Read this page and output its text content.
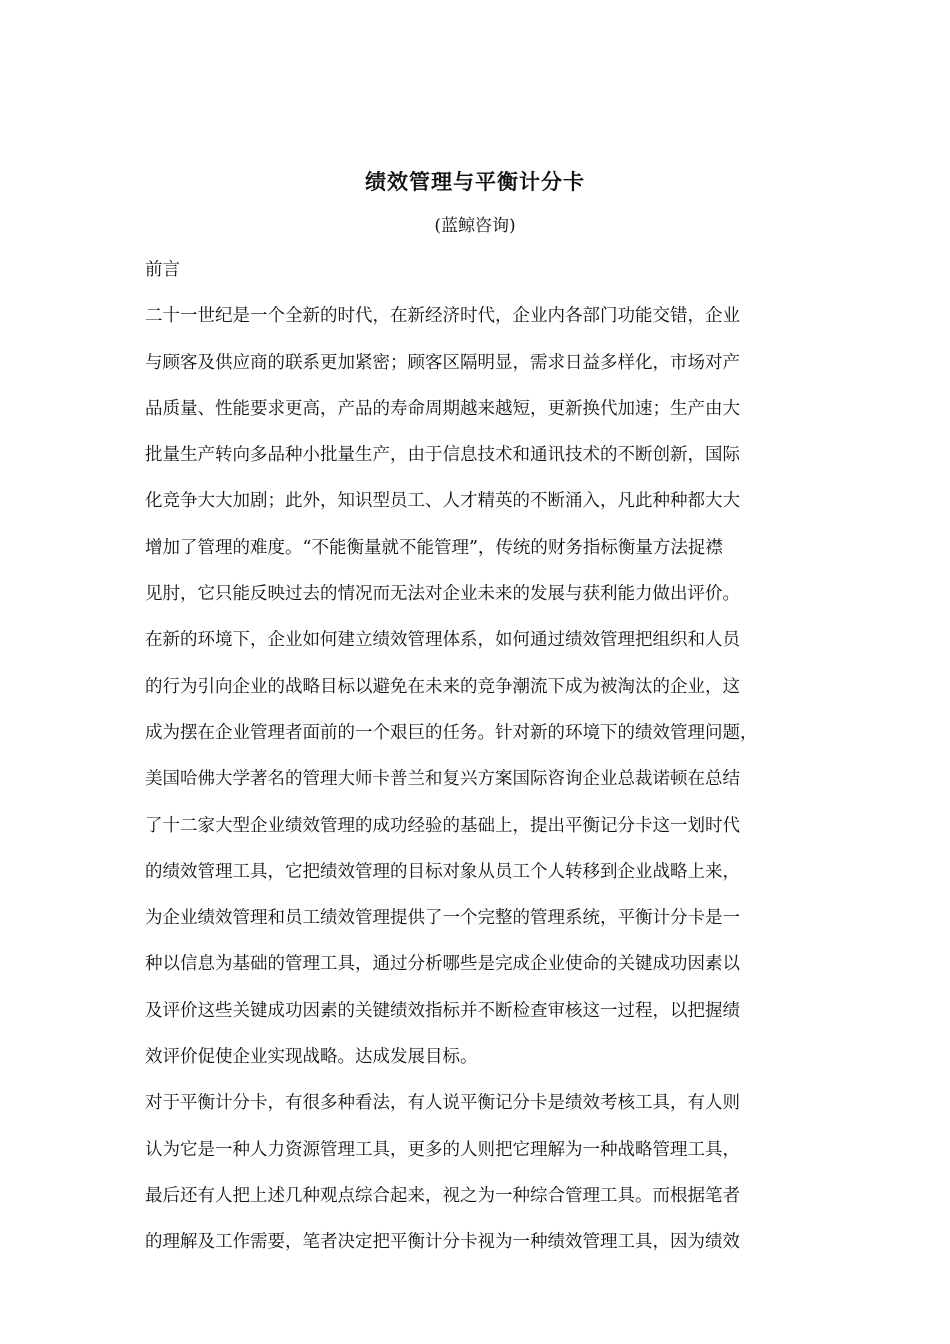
绩效管理与平衡计分卡
(蓝鲸咨询)
前言
二十一世纪是一个全新的时代，在新经济时代，企业内各部门功能交错，企业
与顾客及供应商的联系更加紧密；顾客区隔明显，需求日益多样化，市场对产
品质量、性能要求更高，产品的寿命周期越来越短，更新换代加速；生产由大
批量生产转向多品种小批量生产，由于信息技术和通讯技术的不断创新，国际
化竞争大大加剧；此外，知识型员工、人才精英的不断涌入，凡此种种都大大
增加了管理的难度。“不能衡量就不能管理”，传统的财务指标衡量方法捉襟
见肘，它只能反映过去的情况而无法对企业未来的发展与获利能力做出评价。
在新的环境下，企业如何建立绩效管理体系，如何通过绩效管理把组织和人员
的行为引向企业的战略目标以避免在未来的竞争潮流下成为被淘汰的企业，这
成为摆在企业管理者面前的一个艰巨的任务。针对新的环境下的绩效管理问题，
美国哈佛大学著名的管理大师卡普兰和复兴方案国际咨询企业总裁诺顿在总结
了十二家大型企业绩效管理的成功经验的基础上，提出平衡记分卡这一划时代
的绩效管理工具，它把绩效管理的目标对象从员工个人转移到企业战略上来，
为企业绩效管理和员工绩效管理提供了一个完整的管理系统，平衡计分卡是一
种以信息为基础的管理工具，通过分析哪些是完成企业使命的关键成功因素以
及评价这些关键成功因素的关键绩效指标并不断检查审核这一过程，以把握绩
效评价促使企业实现战略。达成发展目标。
对于平衡计分卡，有很多种看法，有人说平衡记分卡是绩效考核工具，有人则
认为它是一种人力资源管理工具，更多的人则把它理解为一种战略管理工具，
最后还有人把上述几种观点综合起来，视之为一种综合管理工具。而根据笔者
的理解及工作需要，笔者决定把平衡计分卡视为一种绩效管理工具，因为绩效
